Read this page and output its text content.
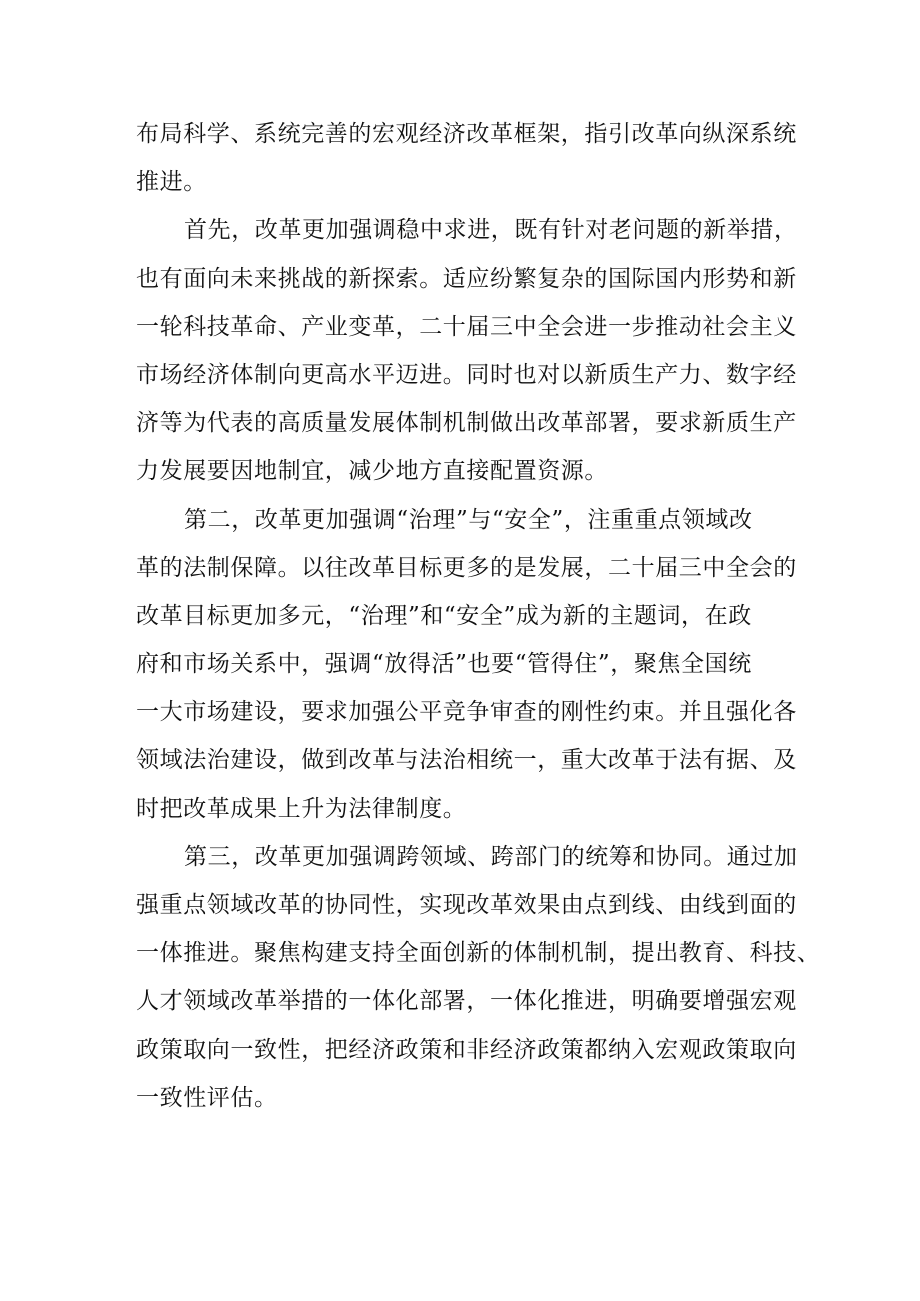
布局科学、系统完善的宏观经济改革框架，指引改革向纵深系统
推进。
首先，改革更加强调稳中求进，既有针对老问题的新举措，
也有面向未来挑战的新探索。适应纷繁复杂的国际国内形势和新
一轮科技革命、产业变革，二十届三中全会进一步推动社会主义
市场经济体制向更高水平迈进。同时也对以新质生产力、数字经
济等为代表的高质量发展体制机制做出改革部署，要求新质生产
力发展要因地制宜，减少地方直接配置资源。
第二，改革更加强调“治理”与“安全”，注重重点领域改
革的法制保障。以往改革目标更多的是发展，二十届三中全会的
改革目标更加多元，“治理”和“安全”成为新的主题词，在政
府和市场关系中，强调“放得活”也要“管得住”，聚焦全国统
一大市场建设，要求加强公平竞争审查的刚性约束。并且强化各
领域法治建设，做到改革与法治相统一，重大改革于法有据、及
时把改革成果上升为法律制度。
第三，改革更加强调跨领域、跨部门的统筹和协同。通过加
强重点领域改革的协同性，实现改革效果由点到线、由线到面的
一体推进。聚焦构建支持全面创新的体制机制，提出教育、科技、
人才领域改革举措的一体化部署，一体化推进，明确要增强宏观
政策取向一致性，把经济政策和非经济政策都纳入宏观政策取向
一致性评估。
